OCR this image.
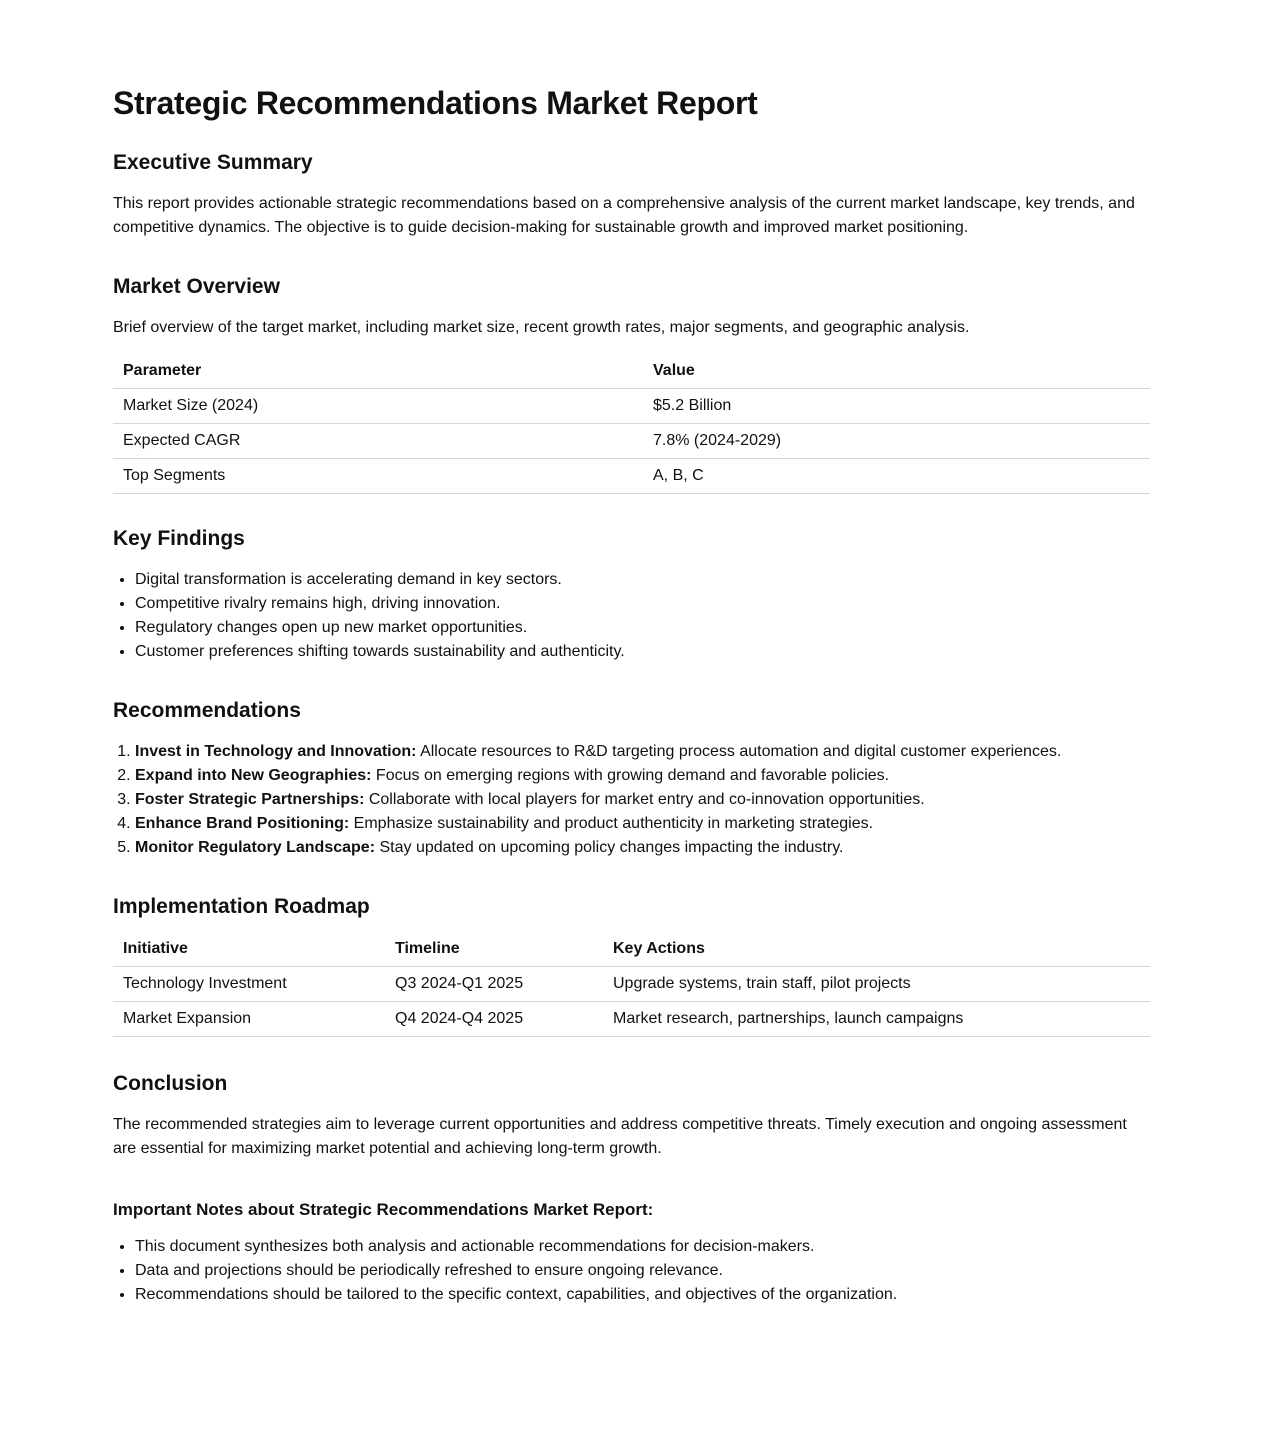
Strategic Recommendations Market Report
Executive Summary

This report provides actionable strategic recommendations based on a comprehensive analysis of the current market landscape, key trends, and competitive dynamics. The objective is to guide decision-making for sustainable growth and improved market positioning.

Market Overview

Brief overview of the target market, including market size, recent growth rates, major segments, and geographic analysis.

Parameter	Value
Market Size (2024)	$5.2 Billion
Expected CAGR	7.8% (2024-2029)
Top Segments	A, B, C
Key Findings
• Digital transformation is accelerating demand in key sectors.
• Competitive rivalry remains high, driving innovation.
• Regulatory changes open up new market opportunities.
• Customer preferences shifting towards sustainability and authenticity.
Recommendations
1. Invest in Technology and Innovation: Allocate resources to R&D targeting process automation and digital customer experiences.
2. Expand into New Geographies: Focus on emerging regions with growing demand and favorable policies.
3. Foster Strategic Partnerships: Collaborate with local players for market entry and co-innovation opportunities.
4. Enhance Brand Positioning: Emphasize sustainability and product authenticity in marketing strategies.
5. Monitor Regulatory Landscape: Stay updated on upcoming policy changes impacting the industry.
Implementation Roadmap
Initiative	Timeline	Key Actions
Technology Investment	Q3 2024-Q1 2025	Upgrade systems, train staff, pilot projects
Market Expansion	Q4 2024-Q4 2025	Market research, partnerships, launch campaigns
Conclusion

The recommended strategies aim to leverage current opportunities and address competitive threats. Timely execution and ongoing assessment are essential for maximizing market potential and achieving long-term growth.

Important Notes about Strategic Recommendations Market Report:
• This document synthesizes both analysis and actionable recommendations for decision-makers.
• Data and projections should be periodically refreshed to ensure ongoing relevance.
• Recommendations should be tailored to the specific context, capabilities, and objectives of the organization.
